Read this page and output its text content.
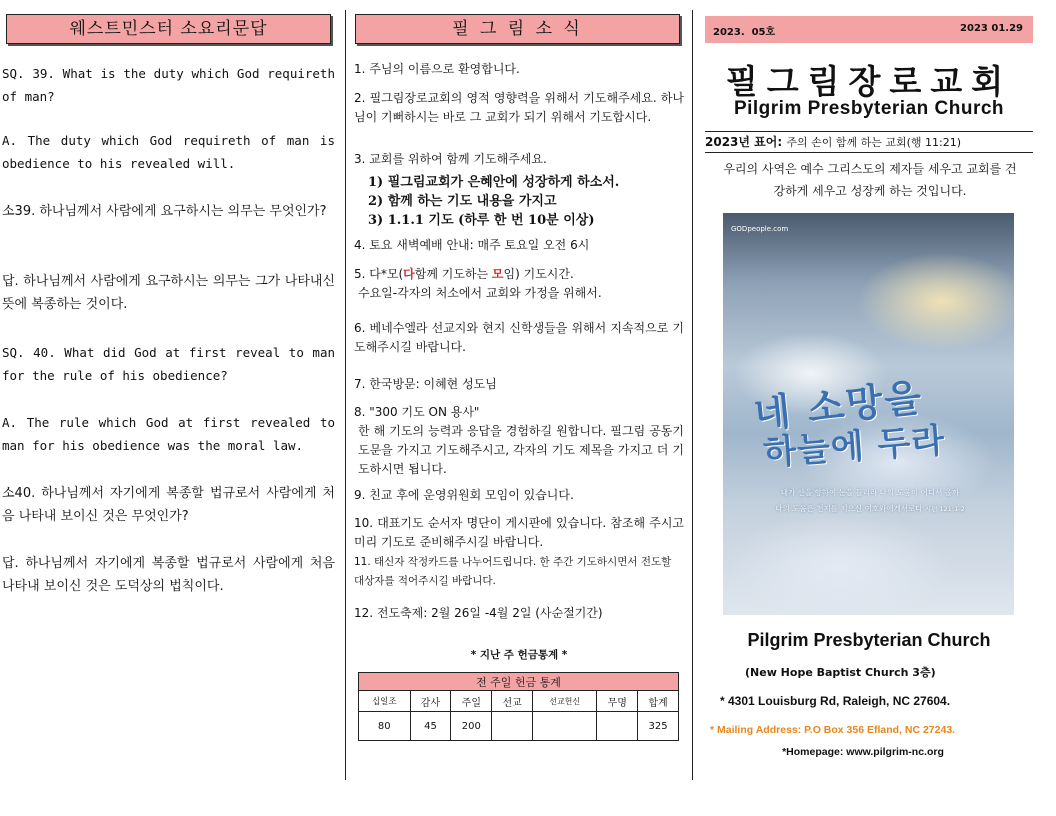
웨스트민스터 소요리문답

SQ. 39. What is the duty which God requireth of man?

A. The duty which God requireth of man is obedience to his revealed will.

소39. 하나님께서 사람에게 요구하시는 의무는 무엇인가?

답. 하나님께서 사람에게 요구하시는 의무는 그가 나타내신 뜻에 복종하는 것이다.

SQ. 40. What did God at first reveal to man for the rule of his obedience?

A. The rule which God at first revealed to man for his obedience was the moral law.

소40. 하나님께서 자기에게 복종할 법규로서 사람에게 처음 나타내 보이신 것은 무엇인가?

답. 하나님께서 자기에게 복종할 법규로서 사람에게 처음 나타내 보이신 것은 도덕상의 법칙이다.

필 그 림 소 식

1. 주님의 이름으로 환영합니다.

2. 필그림장로교회의 영적 영향력을 위해서 기도해주세요. 하나님이 기뻐하시는 바로 그 교회가 되기 위해서 기도합시다.

3. 교회를 위하여 함께 기도해주세요.

1) 필그림교회가 은혜안에 성장하게 하소서.

2) 함께 하는 기도 내용을 가지고

3) 1.1.1 기도 (하루 한 번 10분 이상)

4. 토요 새벽예배 안내: 매주 토요일 오전 6시

5. 다*모(다함께 기도하는 모임) 기도시간.

수요일-각자의 처소에서 교회와 가정을 위해서.

6. 베네수엘라 선교지와 현지 신학생들을 위해서 지속적으로 기도해주시길 바랍니다.

7. 한국방문: 이혜현 성도님

8. "300 기도 ON 용사"

한 해 기도의 능력과 응답을 경험하길 원합니다. 필그림 공동기도문을 가지고 기도해주시고, 각자의 기도 제목을 가지고 더 기도하시면 됩니다.

9. 친교 후에 운영위원회 모임이 있습니다.

10. 대표기도 순서자 명단이 게시판에 있습니다. 참조해 주시고 미리 기도로 준비해주시길 바랍니다.

11. 태신자 작정카드를 나누어드립니다. 한 주간 기도하시면서 전도할 대상자를 적어주시길 바랍니다.

12. 전도축제: 2월 26일 -4월 2일 (사순절기간)

* 지난 주 헌금통계 *

전 주일 헌금 통계						
십일조	감사	주일	선교	선교헌신	무명	합계
80	45	200				325
2023.  05호	2023 01.29
필그림장로교회
Pilgrim Presbyterian Church
2023년 표어: 주의 손이 함께 하는 교회(행 11:21)

우리의 사역은 예수 그리스도의 제자들 세우고 교회를 건강하게 세우고 성장케 하는 것입니다.

GODpeople.com
네 소망을
하늘에 두라
내가 산을 향하여 눈을 들리라 나의 도움이 어디서 올까
나의 도움은 천지를 지으신 여호와에게서로다 시편 121:1-2
Pilgrim Presbyterian Church
(New Hope Baptist Church 3층)
* 4301 Louisburg Rd, Raleigh, NC 27604.
* Mailing Address: P.O Box 356 Efland, NC 27243.
*Homepage: www.pilgrim-nc.org
